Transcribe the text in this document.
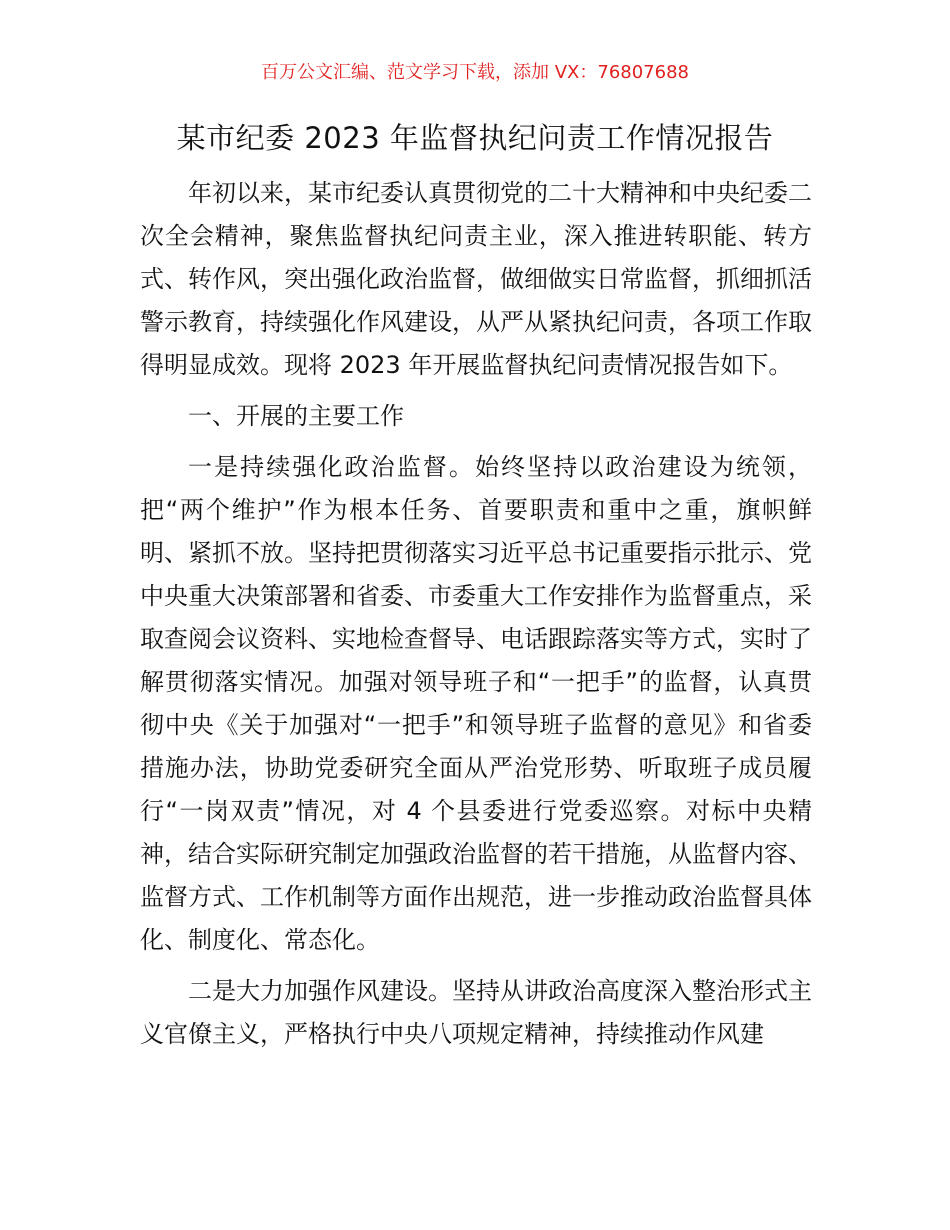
百万公文汇编、范文学习下载，添加 VX：76807688
某市纪委 2023 年监督执纪问责工作情况报告

年初以来，某市纪委认真贯彻党的二十大精神和中央纪委二次全会精神，聚焦监督执纪问责主业，深入推进转职能、转方式、转作风，突出强化政治监督，做细做实日常监督，抓细抓活警示教育，持续强化作风建设，从严从紧执纪问责，各项工作取得明显成效。现将 2023 年开展监督执纪问责情况报告如下。

一、开展的主要工作

一是持续强化政治监督。始终坚持以政治建设为统领，把“两个维护”作为根本任务、首要职责和重中之重，旗帜鲜明、紧抓不放。坚持把贯彻落实习近平总书记重要指示批示、党中央重大决策部署和省委、市委重大工作安排作为监督重点，采取查阅会议资料、实地检查督导、电话跟踪落实等方式，实时了解贯彻落实情况。加强对领导班子和“一把手”的监督，认真贯彻中央《关于加强对“一把手”和领导班子监督的意见》和省委措施办法，协助党委研究全面从严治党形势、听取班子成员履行“一岗双责”情况，对 4 个县委进行党委巡察。对标中央精神，结合实际研究制定加强政治监督的若干措施，从监督内容、监督方式、工作机制等方面作出规范，进一步推动政治监督具体化、制度化、常态化。

二是大力加强作风建设。坚持从讲政治高度深入整治形式主义官僚主义，严格执行中央八项规定精神，持续推动作风建
